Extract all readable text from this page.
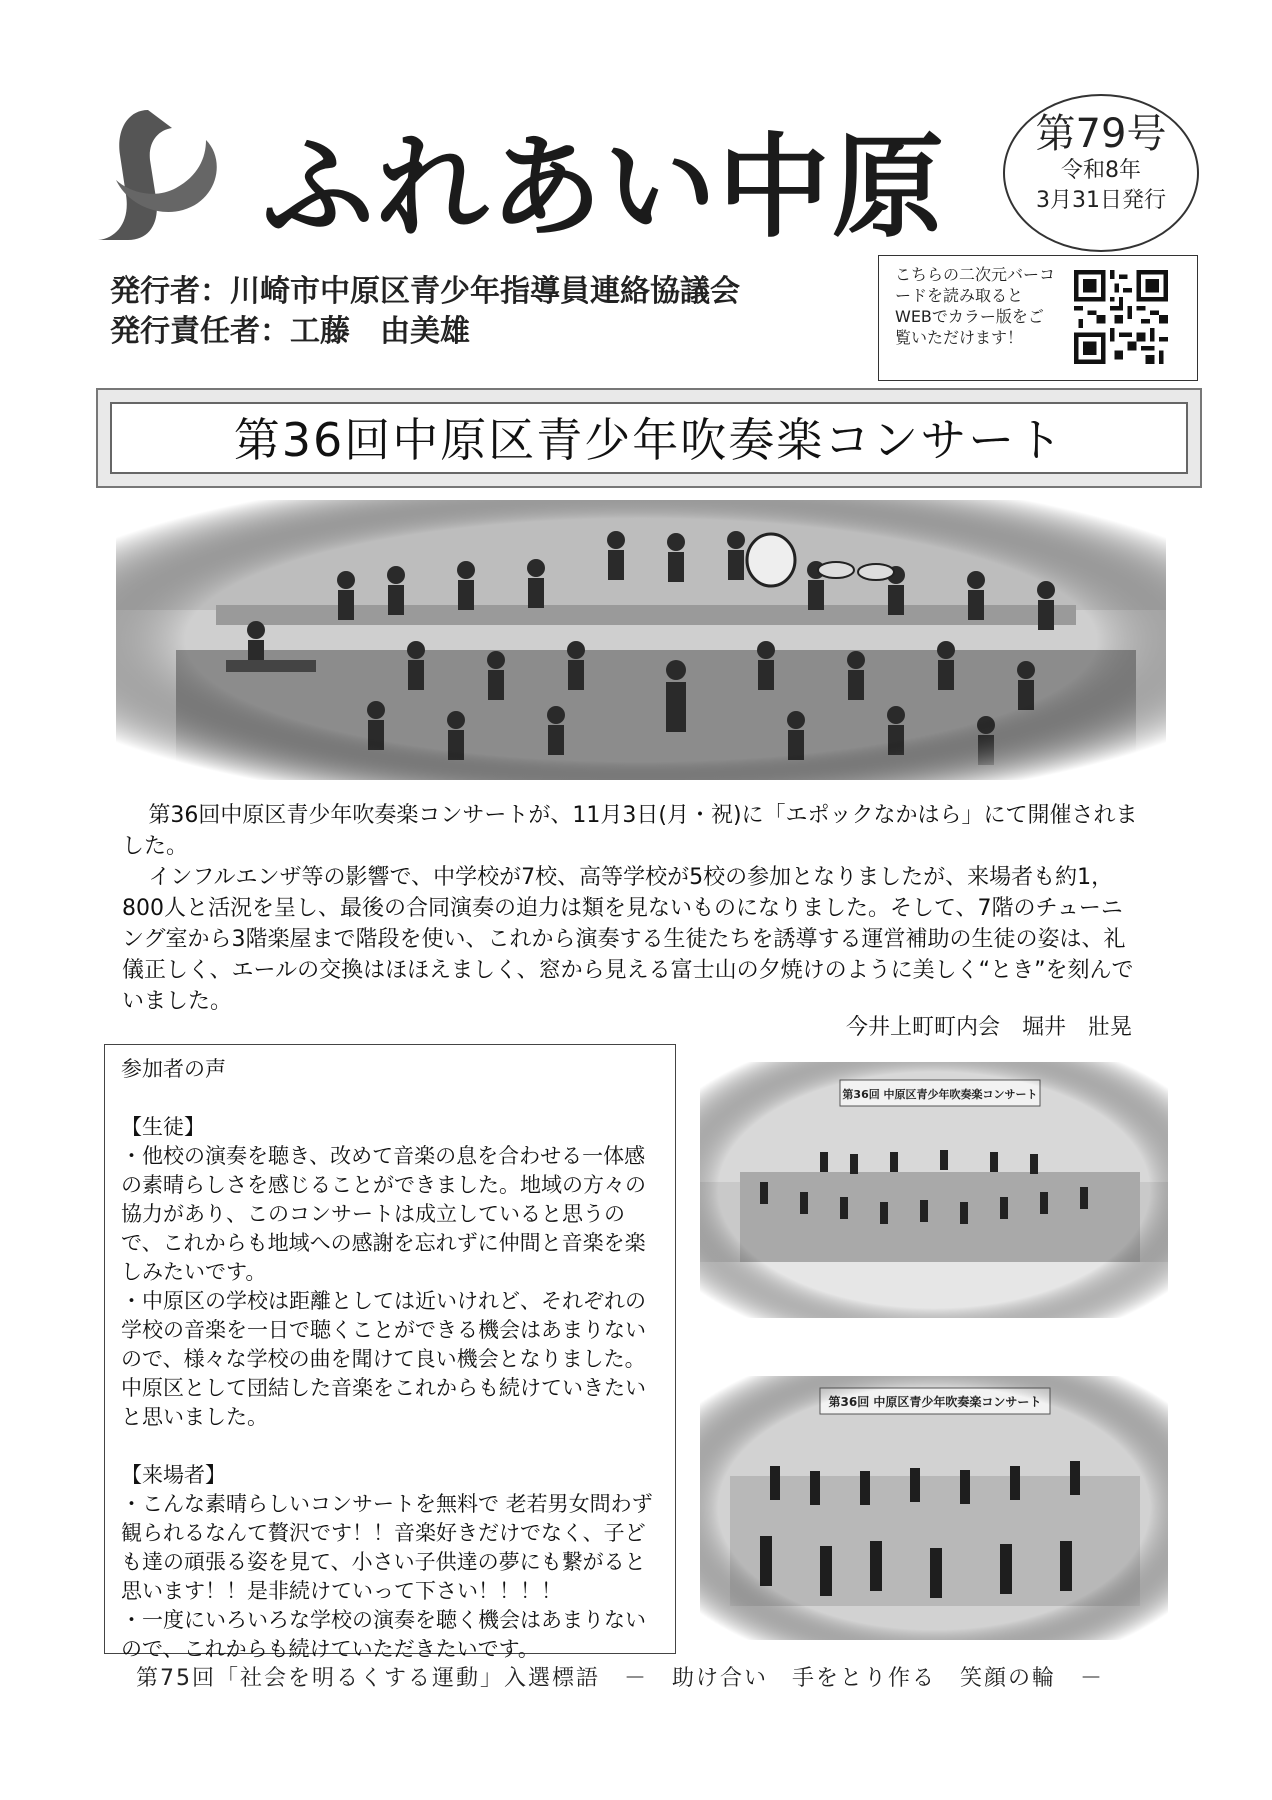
ふれあい中原	第79号
令和8年
3月31日発行
発行者：川崎市中原区青少年指導員連絡協議会
発行責任者：工藤　由美雄
こちらの二次元バーコードを読み取るとWEBでカラー版をご覧いただけます！
第36回中原区青少年吹奏楽コンサート

第36回中原区青少年吹奏楽コンサートが、11月3日(月・祝)に「エポックなかはら」にて開催されました。

インフルエンザ等の影響で、中学校が7校、高等学校が5校の参加となりましたが、来場者も約1，800人と活況を呈し、最後の合同演奏の迫力は類を見ないものになりました。そして、7階のチューニング室から3階楽屋まで階段を使い、これから演奏する生徒たちを誘導する運営補助の生徒の姿は、礼儀正しく、エールの交換はほほえましく、窓から見える富士山の夕焼けのように美しく“とき”を刻んでいました。

今井上町町内会　堀井　壯晃

参加者の声

【生徒】

・他校の演奏を聴き、改めて音楽の息を合わせる一体感の素晴らしさを感じることができました。地域の方々の協力があり、このコンサートは成立していると思うので、これからも地域への感謝を忘れずに仲間と音楽を楽しみたいです。

・中原区の学校は距離としては近いけれど、それぞれの学校の音楽を一日で聴くことができる機会はあまりないので、様々な学校の曲を聞けて良い機会となりました。中原区として団結した音楽をこれからも続けていきたいと思いました。

【来場者】

・こんな素晴らしいコンサートを無料で 老若男女問わず観られるなんて贅沢です！！音楽好きだけでなく、子ども達の頑張る姿を見て、小さい子供達の夢にも繋がると思います！！是非続けていって下さい！！！！

・一度にいろいろな学校の演奏を聴く機会はあまりないので、これからも続けていただきたいです。

第75回「社会を明るくする運動」入選標語　－　助け合い　手をとり作る　笑顔の輪　－
